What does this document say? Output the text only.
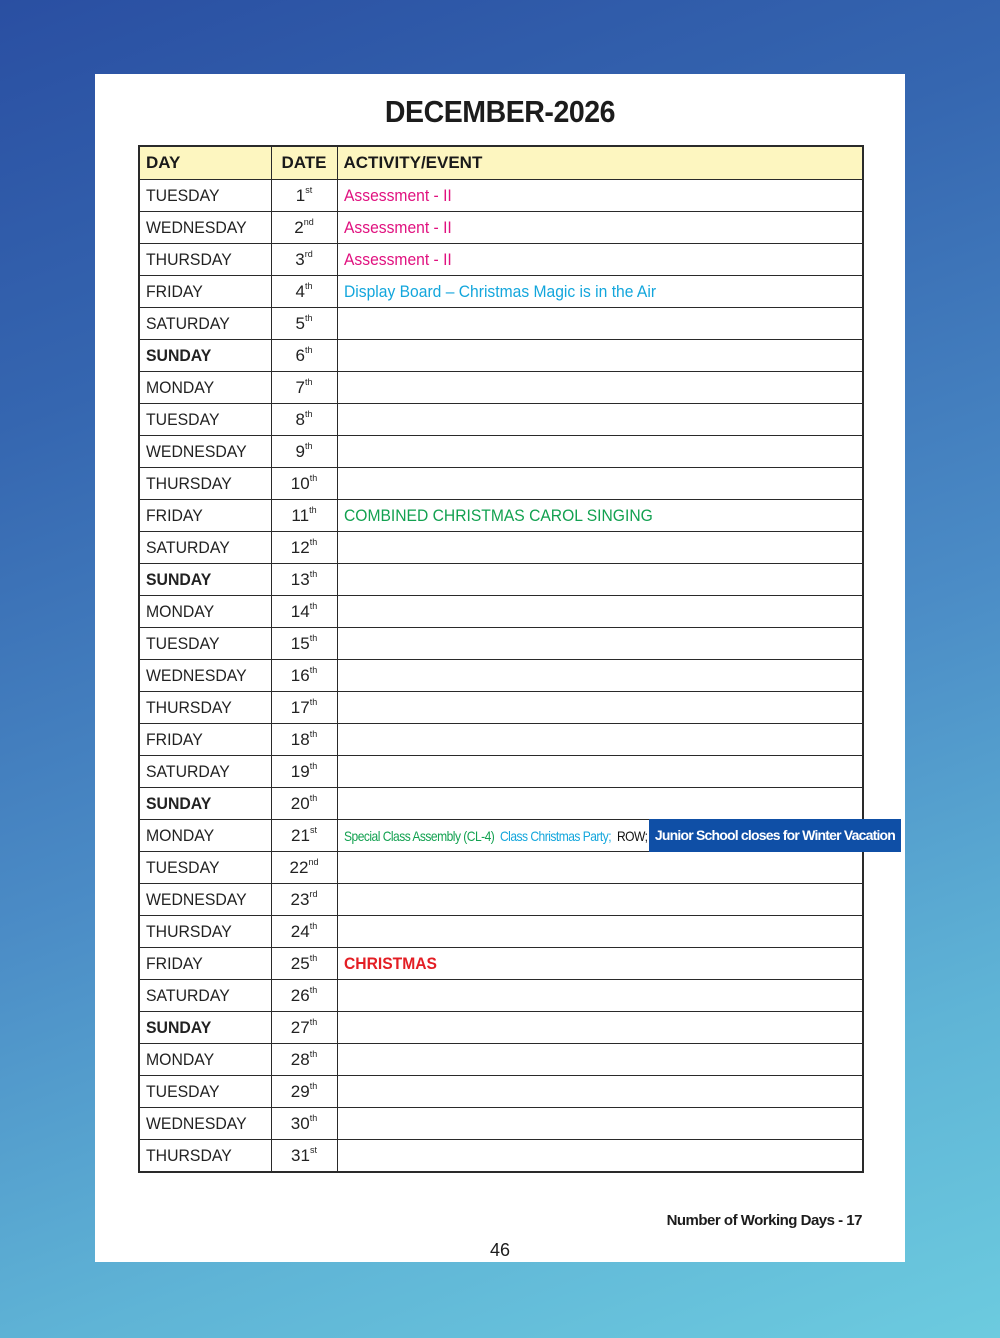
DECEMBER-2026
DAY	DATE	ACTIVITY/EVENT
TUESDAY	1st	Assessment - II
WEDNESDAY	2nd	Assessment - II
THURSDAY	3rd	Assessment - II
FRIDAY	4th	Display Board – Christmas Magic is in the Air
SATURDAY	5th	
SUNDAY	6th	
MONDAY	7th	
TUESDAY	8th	
WEDNESDAY	9th	
THURSDAY	10th	
FRIDAY	11th	COMBINED CHRISTMAS CAROL SINGING
SATURDAY	12th	
SUNDAY	13th	
MONDAY	14th	
TUESDAY	15th	
WEDNESDAY	16th	
THURSDAY	17th	
FRIDAY	18th	
SATURDAY	19th	
SUNDAY	20th	
MONDAY	21st	Special Class Assembly (CL-4) Class Christmas Party; ROW; Junior School closes for Winter Vacation

TUESDAY	22nd	
WEDNESDAY	23rd	
THURSDAY	24th	
FRIDAY	25th	CHRISTMAS
SATURDAY	26th	
SUNDAY	27th	
MONDAY	28th	
TUESDAY	29th	
WEDNESDAY	30th	
THURSDAY	31st	
Number of Working Days - 17
46
